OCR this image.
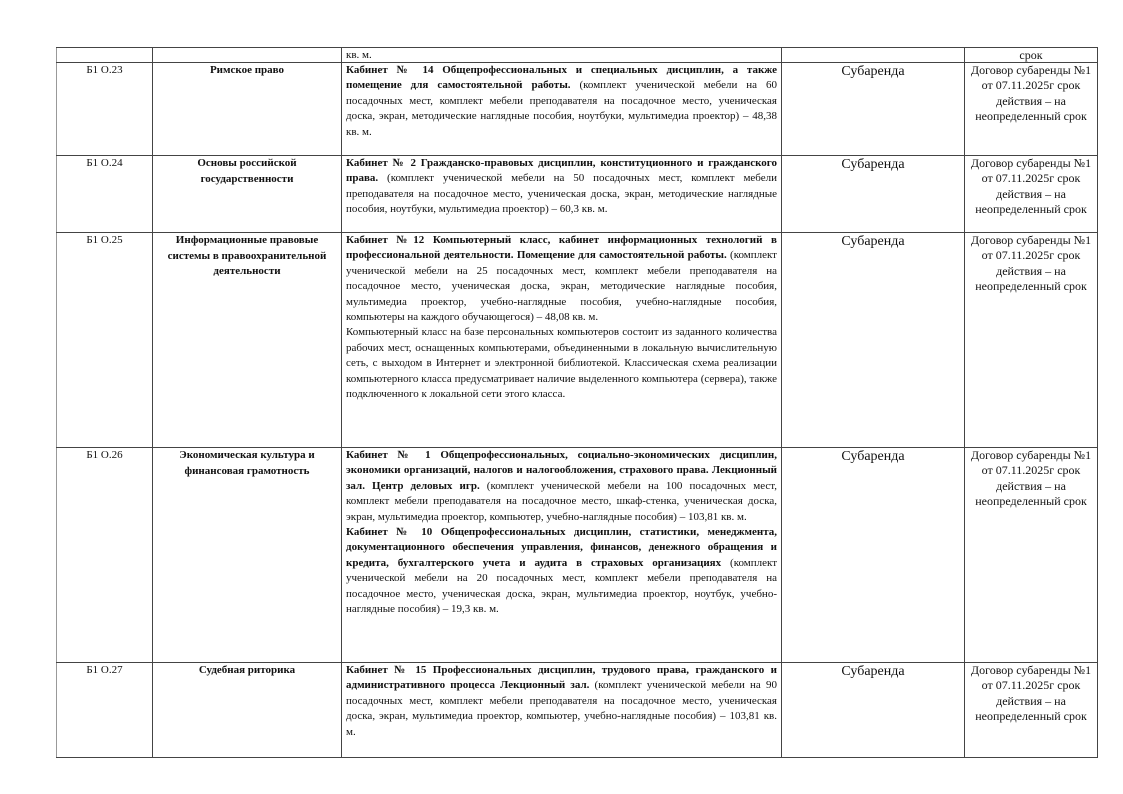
		кв. м.		срок
Б1 О.23	Римское право	Кабинет № 14 Общепрофессиональных и специальных дисциплин, а также помещение для самостоятельной работы. (комплект ученической мебели на 60 посадочных мест, комплект мебели преподавателя на посадочное место, ученическая доска, экран, методические наглядные пособия, ноутбуки, мультимедиа проектор) – 48,38 кв. м.	Субаренда	Договор субаренды №1 от 07.11.2025г срок действия – на неопределенный срок
Б1 О.24	Основы российской государственности	Кабинет № 2 Гражданско-правовых дисциплин, конституционного и гражданского права. (комплект ученической мебели на 50 посадочных мест, комплект мебели преподавателя на посадочное место, ученическая доска, экран, методические наглядные пособия, ноутбуки, мультимедиа проектор) – 60,3 кв. м.	Субаренда	Договор субаренды №1 от 07.11.2025г срок действия – на неопределенный срок
Б1 О.25	Информационные правовые системы в правоохранительной деятельности	Кабинет №12 Компьютерный класс, кабинет информационных технологий в профессиональной деятельности. Помещение для самостоятельной работы. (комплект ученической мебели на 25 посадочных мест, комплект мебели преподавателя на посадочное место, ученическая доска, экран, методические наглядные пособия, мультимедиа проектор, учебно-наглядные пособия, учебно-наглядные пособия, компьютеры на каждого обучающегося) – 48,08 кв. м.

Компьютерный класс на базе персональных компьютеров состоит из заданного количества рабочих мест, оснащенных компьютерами, объединенными в локальную вычислительную сеть, с выходом в Интернет и электронной библиотекой. Классическая схема реализации компьютерного класса предусматривает наличие выделенного компьютера (сервера), также подключенного к локальной сети этого класса.	Субаренда	Договор субаренды №1 от 07.11.2025г срок действия – на неопределенный срок
Б1 О.26	Экономическая культура и финансовая грамотность	Кабинет № 1 Общепрофессиональных, социально-экономических дисциплин, экономики организаций, налогов и налогообложения, страхового права. Лекционный зал. Центр деловых игр. (комплект ученической мебели на 100 посадочных мест, комплект мебели преподавателя на посадочное место, шкаф-стенка, ученическая доска, экран, мультимедиа проектор, компьютер, учебно-наглядные пособия) – 103,81 кв. м.

Кабинет № 10 Общепрофессиональных дисциплин, статистики, менеджмента, документационного обеспечения управления, финансов, денежного обращения и кредита, бухгалтерского учета и аудита в страховых организациях (комплект ученической мебели на 20 посадочных мест, комплект мебели преподавателя на посадочное место, ученическая доска, экран, мультимедиа проектор, ноутбук, учебно-наглядные пособия) – 19,3 кв. м.	Субаренда	Договор субаренды №1 от 07.11.2025г срок действия – на неопределенный срок
Б1 О.27	Судебная риторика	Кабинет № 15 Профессиональных дисциплин, трудового права, гражданского и административного процесса Лекционный зал. (комплект ученической мебели на 90 посадочных мест, комплект мебели преподавателя на посадочное место, ученическая доска, экран, мультимедиа проектор, компьютер, учебно-наглядные пособия) – 103,81 кв. м.	Субаренда	Договор субаренды №1 от 07.11.2025г срок действия – на неопределенный срок
